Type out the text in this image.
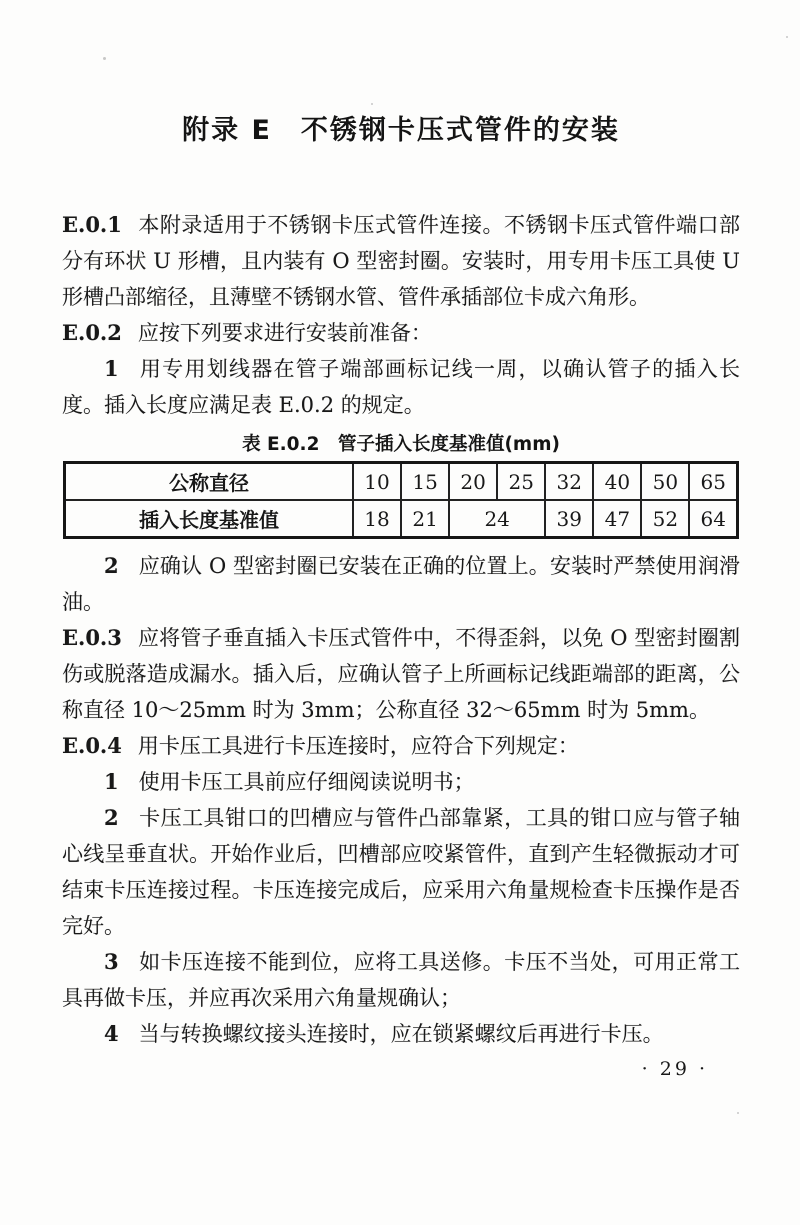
附录 E　不锈钢卡压式管件的安装

E.0.1 本附录适用于不锈钢卡压式管件连接。不锈钢卡压式管件端口部分有环状 U 形槽，且内装有 O 型密封圈。安装时，用专用卡压工具使 U 形槽凸部缩径，且薄壁不锈钢水管、管件承插部位卡成六角形。

E.0.2 应按下列要求进行安装前准备：

1 用专用划线器在管子端部画标记线一周，以确认管子的插入长度。插入长度应满足表 E.0.2 的规定。

表 E.0.2　管子插入长度基准值(mm)

公称直径	10	15	20	25	32	40	50	65
插入长度基准值	18	21	24		39	47	52	64

2 应确认 O 型密封圈已安装在正确的位置上。安装时严禁使用润滑油。

E.0.3 应将管子垂直插入卡压式管件中，不得歪斜，以免 O 型密封圈割伤或脱落造成漏水。插入后，应确认管子上所画标记线距端部的距离，公称直径 10～25mm 时为 3mm；公称直径 32～65mm 时为 5mm。

E.0.4 用卡压工具进行卡压连接时，应符合下列规定：

1 使用卡压工具前应仔细阅读说明书；

2 卡压工具钳口的凹槽应与管件凸部靠紧，工具的钳口应与管子轴心线呈垂直状。开始作业后，凹槽部应咬紧管件，直到产生轻微振动才可结束卡压连接过程。卡压连接完成后，应采用六角量规检查卡压操作是否完好。

3 如卡压连接不能到位，应将工具送修。卡压不当处，可用正常工具再做卡压，并应再次采用六角量规确认；

4 当与转换螺纹接头连接时，应在锁紧螺纹后再进行卡压。

· 29 ·
